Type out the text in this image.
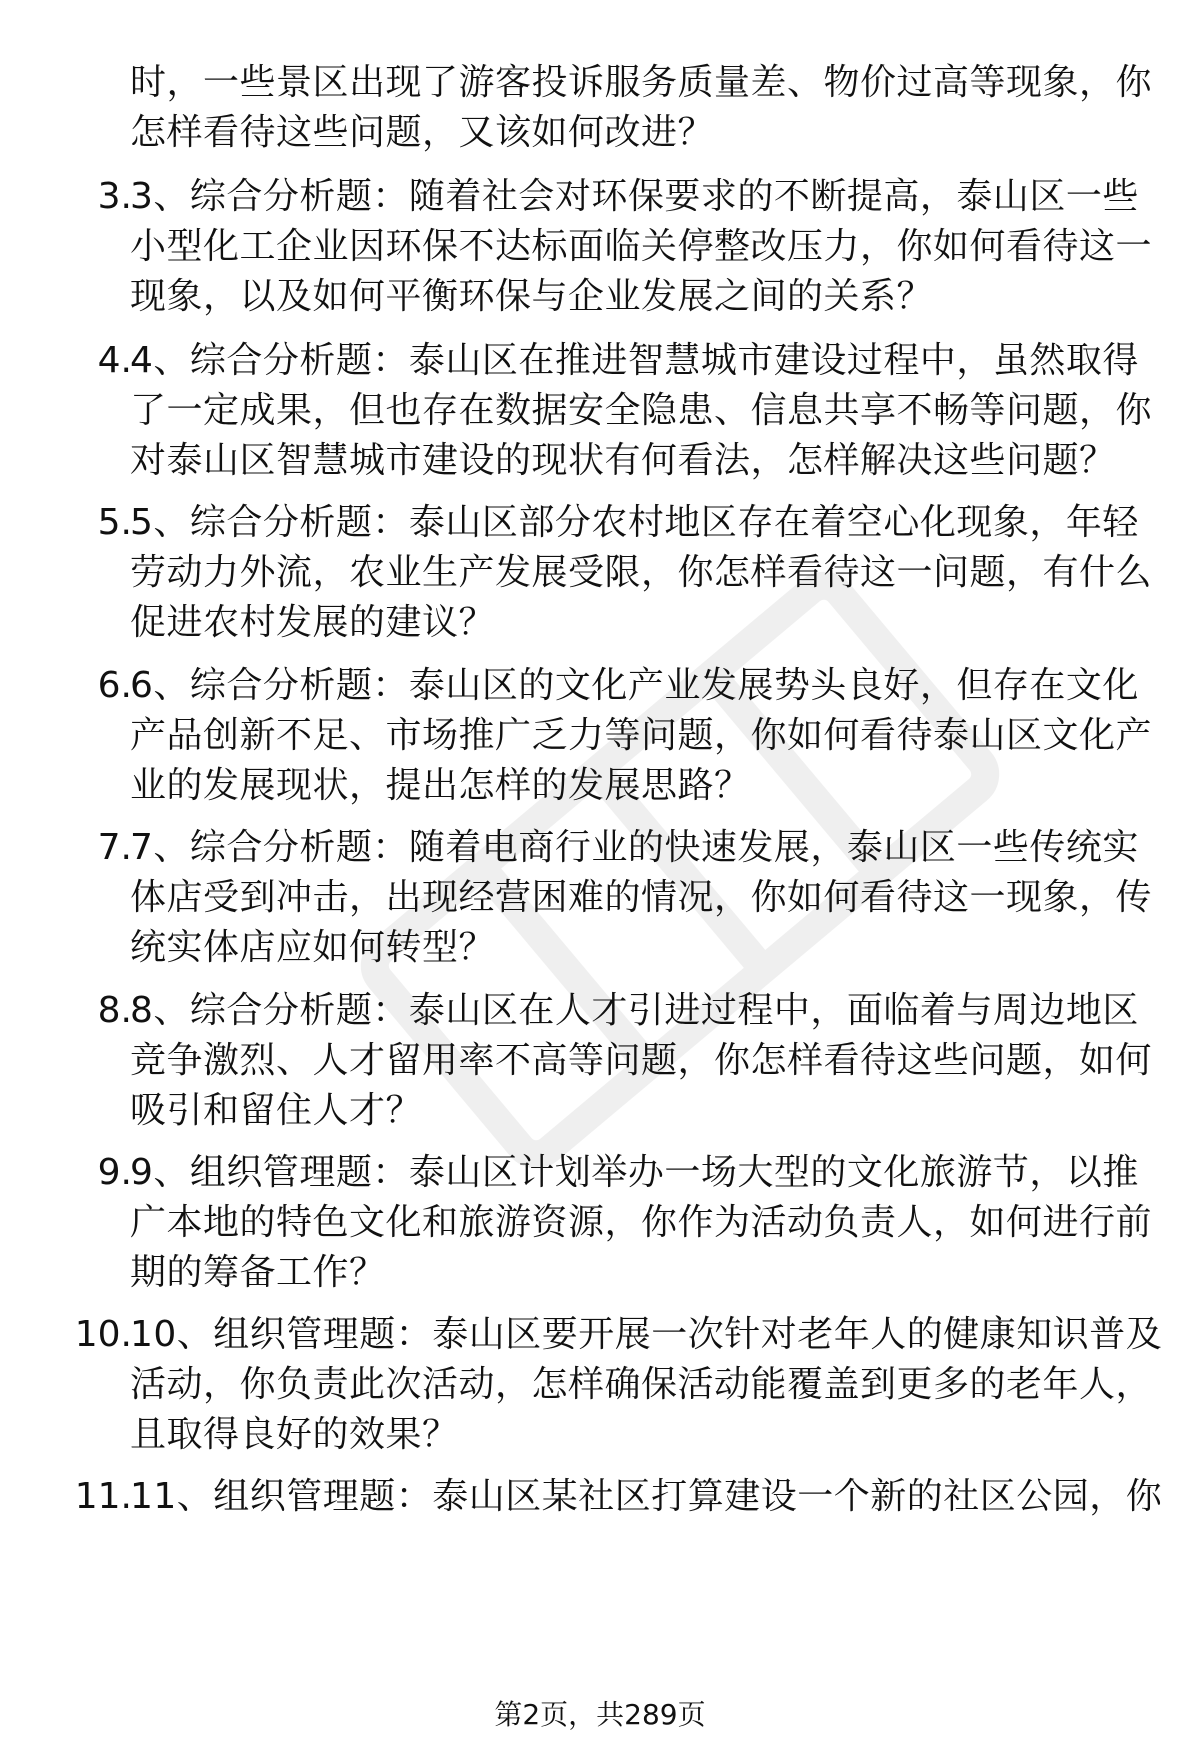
时，一些景区出现了游客投诉服务质量差、物价过高等现象，你怎样看待这些问题，又该如何改进？
3.
3、综合分析题：随着社会对环保要求的不断提高，泰山区一些小型化工企业因环保不达标面临关停整改压力，你如何看待这一现象，以及如何平衡环保与企业发展之间的关系？
4.
4、综合分析题：泰山区在推进智慧城市建设过程中，虽然取得了一定成果，但也存在数据安全隐患、信息共享不畅等问题，你对泰山区智慧城市建设的现状有何看法，怎样解决这些问题？
5.
5、综合分析题：泰山区部分农村地区存在着空心化现象，年轻劳动力外流，农业生产发展受限，你怎样看待这一问题，有什么促进农村发展的建议？
6.
6、综合分析题：泰山区的文化产业发展势头良好，但存在文化产品创新不足、市场推广乏力等问题，你如何看待泰山区文化产业的发展现状，提出怎样的发展思路？
7.
7、综合分析题：随着电商行业的快速发展，泰山区一些传统实体店受到冲击，出现经营困难的情况，你如何看待这一现象，传统实体店应如何转型？
8.
8、综合分析题：泰山区在人才引进过程中，面临着与周边地区竞争激烈、人才留用率不高等问题，你怎样看待这些问题，如何吸引和留住人才？
9.
9、组织管理题：泰山区计划举办一场大型的文化旅游节，以推广本地的特色文化和旅游资源，你作为活动负责人，如何进行前期的筹备工作？
10.
10、组织管理题：泰山区要开展一次针对老年人的健康知识普及活动，你负责此次活动，怎样确保活动能覆盖到更多的老年人，且取得良好的效果？
11.
11、组织管理题：泰山区某社区打算建设一个新的社区公园，你
第2页，共289页
